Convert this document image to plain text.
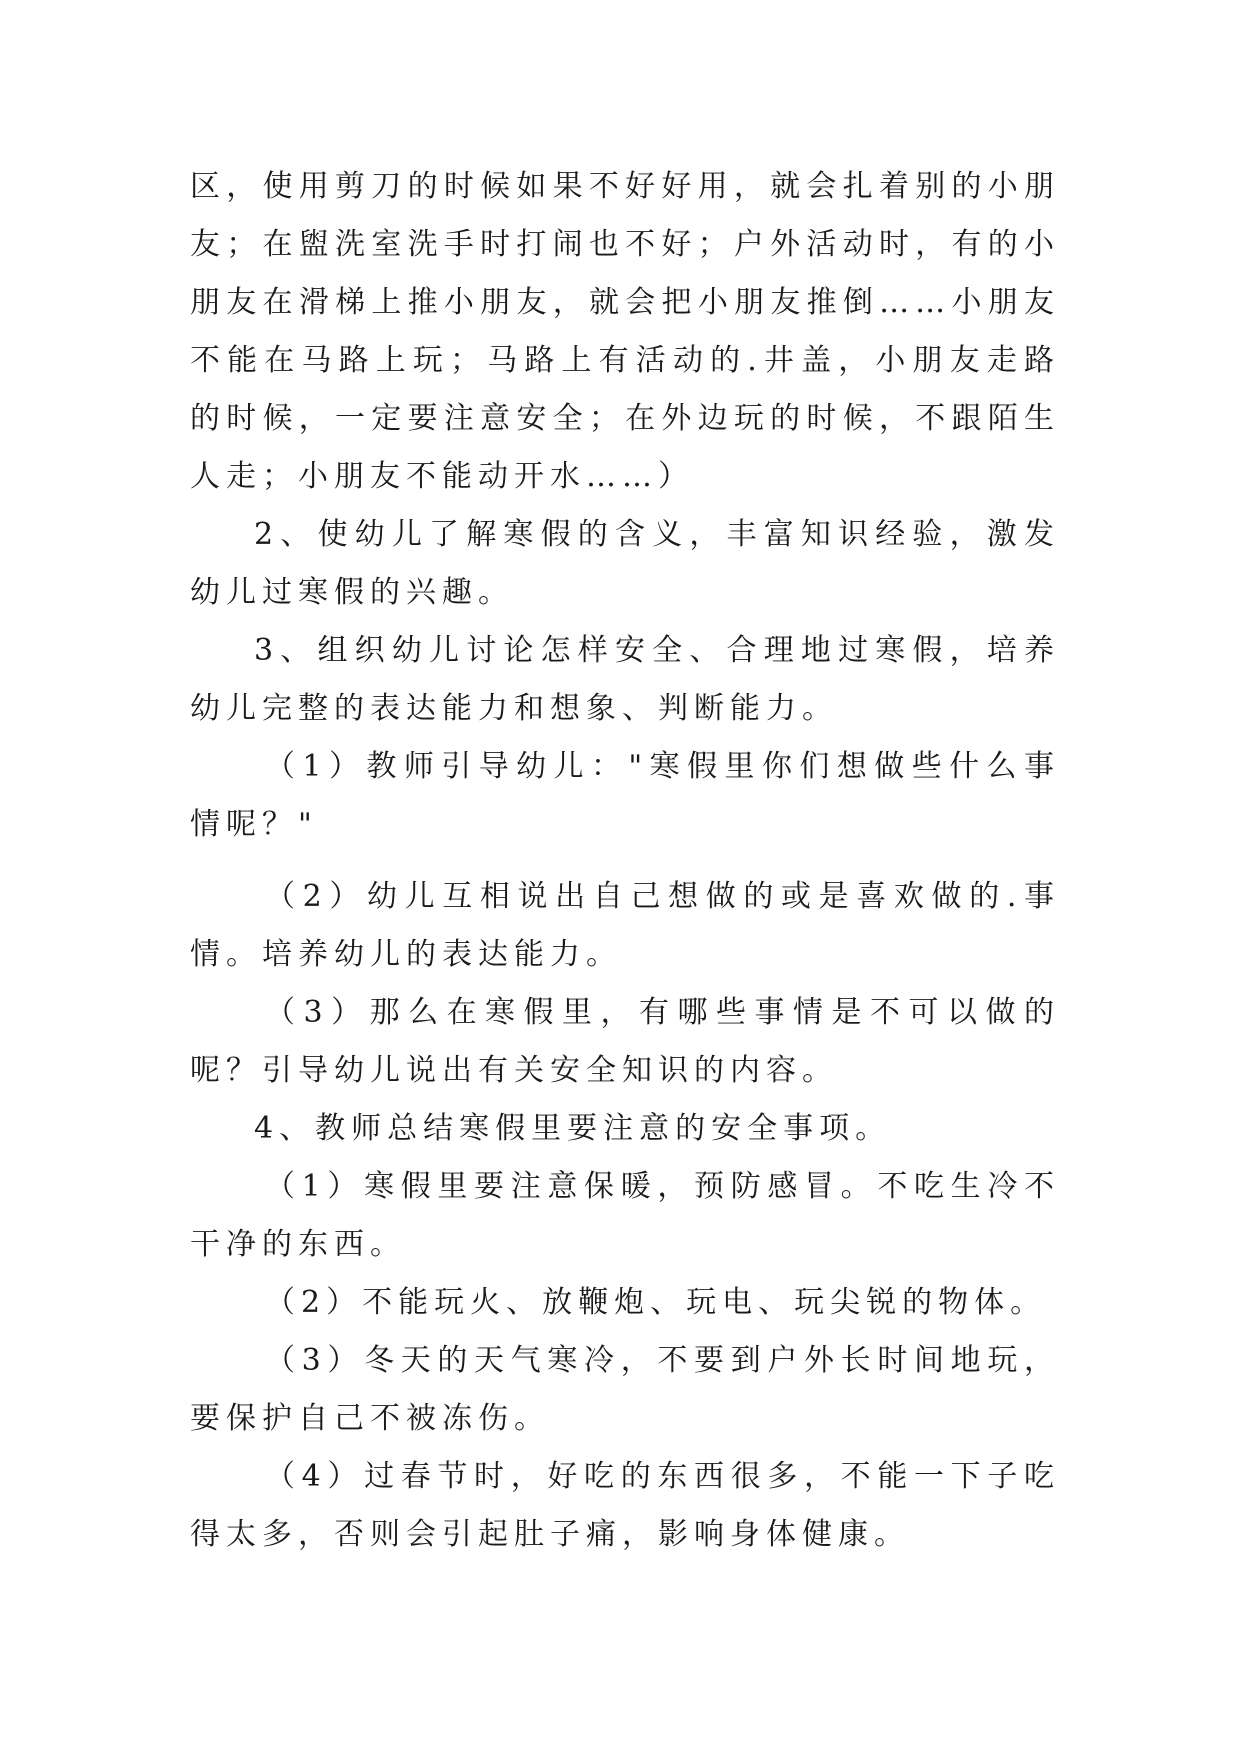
区，使用剪刀的时候如果不好好用，就会扎着别的小朋友；在盥洗室洗手时打闹也不好；户外活动时，有的小朋友在滑梯上推小朋友，就会把小朋友推倒……小朋友不能在马路上玩；马路上有活动的.井盖，小朋友走路的时候，一定要注意安全；在外边玩的时候，不跟陌生人走；小朋友不能动开水……）

2、使幼儿了解寒假的含义，丰富知识经验，激发幼儿过寒假的兴趣。

3、组织幼儿讨论怎样安全、合理地过寒假，培养幼儿完整的表达能力和想象、判断能力。

（1）教师引导幼儿："寒假里你们想做些什么事情呢？"

（2）幼儿互相说出自己想做的或是喜欢做的.事情。培养幼儿的表达能力。

（3）那么在寒假里，有哪些事情是不可以做的呢？引导幼儿说出有关安全知识的内容。

4、教师总结寒假里要注意的安全事项。

（1）寒假里要注意保暖，预防感冒。不吃生冷不干净的东西。

（2）不能玩火、放鞭炮、玩电、玩尖锐的物体。

（3）冬天的天气寒冷，不要到户外长时间地玩，要保护自己不被冻伤。

（4）过春节时，好吃的东西很多，不能一下子吃得太多，否则会引起肚子痛，影响身体健康。
